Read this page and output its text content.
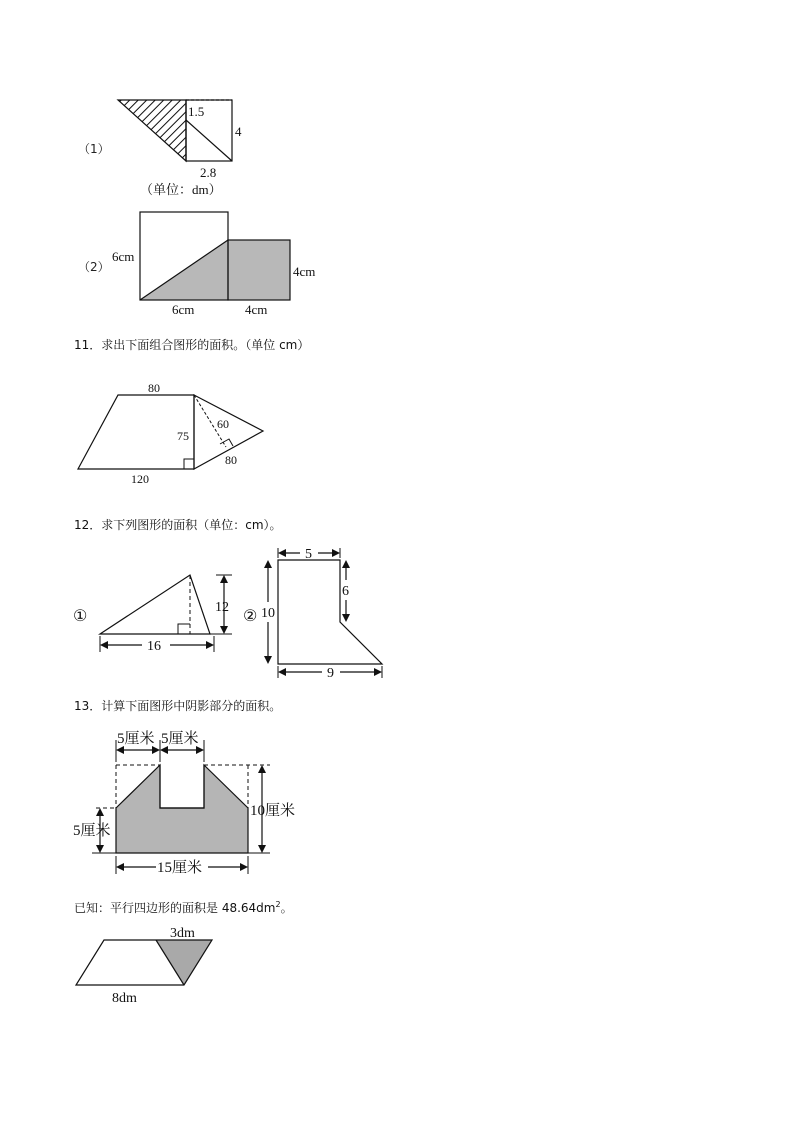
（1）
1.5
4
2.8
（单位：dm）
（2）
6cm
4cm
6cm	4cm
11．求出下面组合图形的面积。（单位 cm）
80
75
120
60
80
12．求下列图形的面积（单位：cm）。
①
12
16
②
5
6
10
9
13．计算下面图形中阴影部分的面积。
5厘米 5厘米
5厘米
10厘米
15厘米
已知：平行四边形的面积是 $48.64dm^2$。
3dm
8dm
